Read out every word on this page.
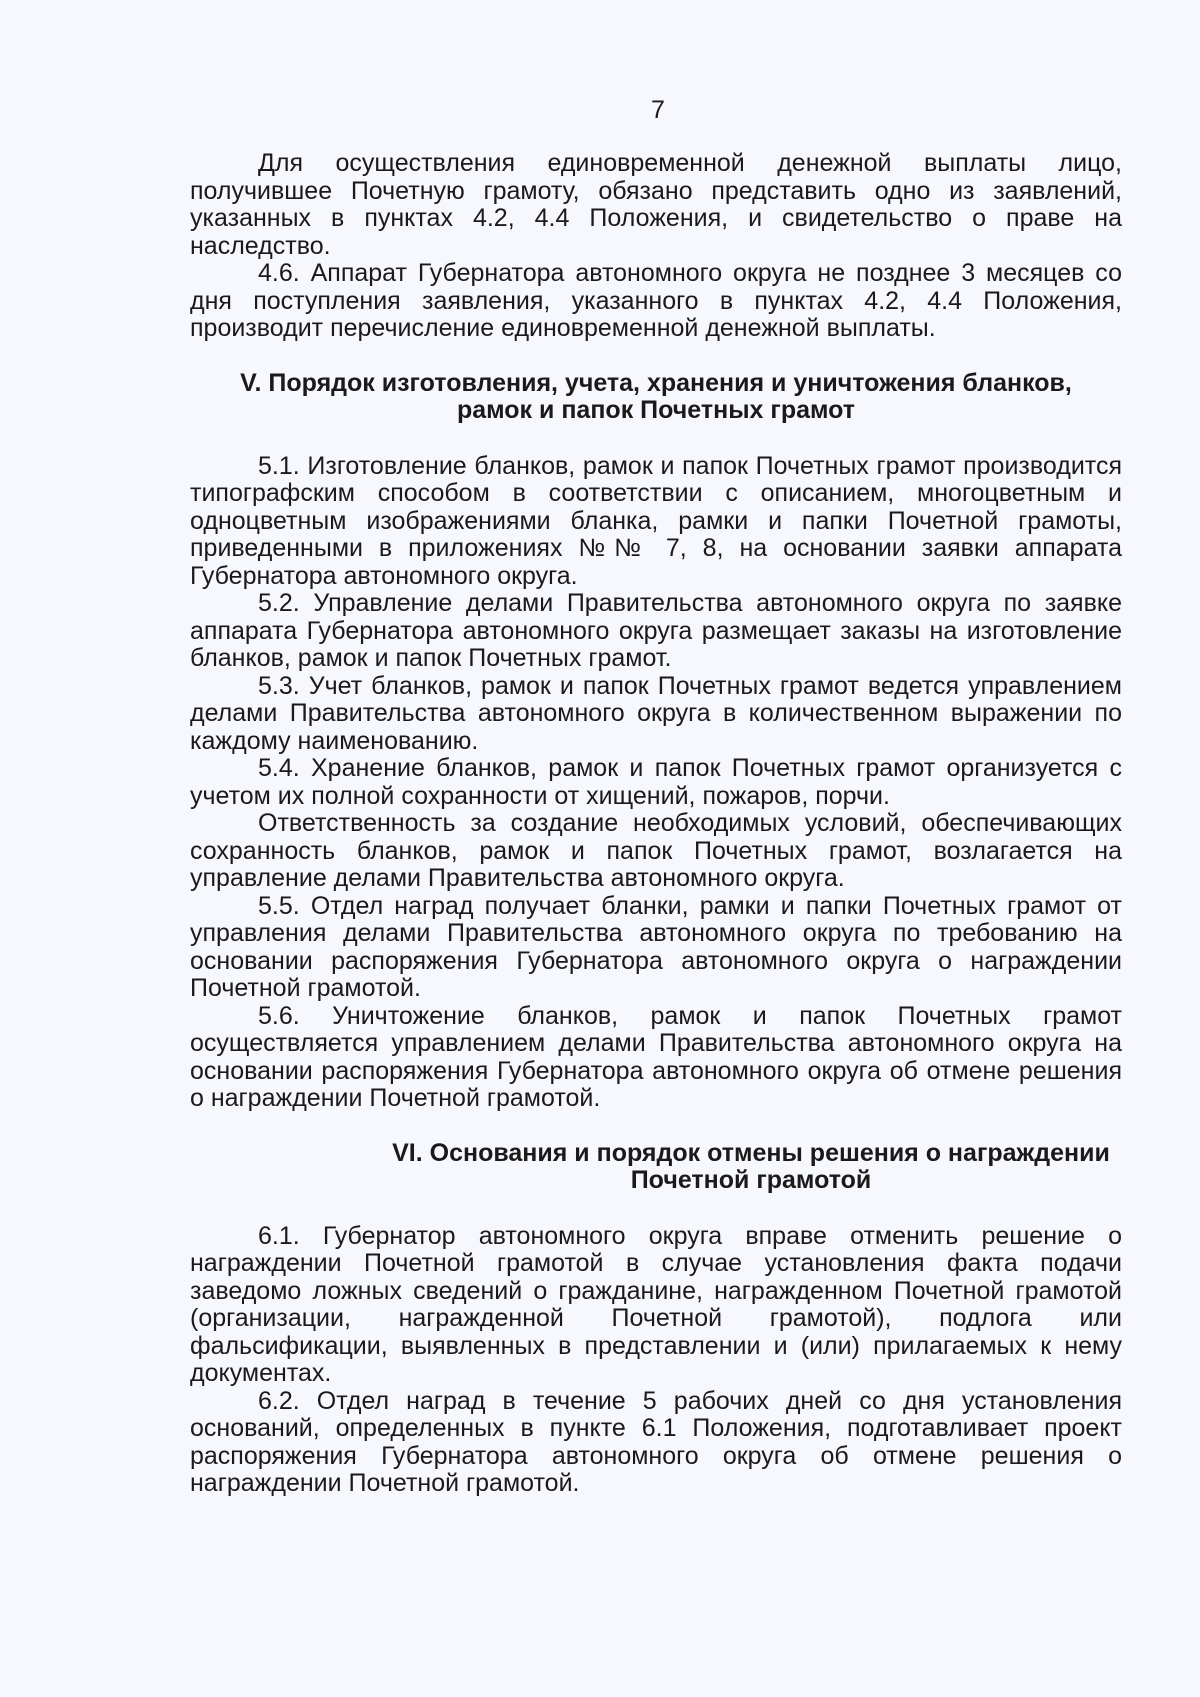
7

Для осуществления единовременной денежной выплаты лицо, получившее Почетную грамоту, обязано представить одно из заявлений, указанных в пунктах 4.2, 4.4 Положения, и свидетельство о праве на наследство.

4.6. Аппарат Губернатора автономного округа не позднее 3 месяцев со дня поступления заявления, указанного в пунктах 4.2, 4.4 Положения, производит перечисление единовременной денежной выплаты.

V. Порядок изготовления, учета, хранения и уничтожения бланков,
рамок и папок Почетных грамот

5.1. Изготовление бланков, рамок и папок Почетных грамот производится типографским способом в соответствии с описанием, многоцветным и одноцветным изображениями бланка, рамки и папки Почетной грамоты, приведенными в приложениях №№ 7, 8, на основании заявки аппарата Губернатора автономного округа.

5.2. Управление делами Правительства автономного округа по заявке аппарата Губернатора автономного округа размещает заказы на изготовление бланков, рамок и папок Почетных грамот.

5.3. Учет бланков, рамок и папок Почетных грамот ведется управлением делами Правительства автономного округа в количественном выражении по каждому наименованию.

5.4. Хранение бланков, рамок и папок Почетных грамот организуется с учетом их полной сохранности от хищений, пожаров, порчи.

Ответственность за создание необходимых условий, обеспечивающих сохранность бланков, рамок и папок Почетных грамот, возлагается на управление делами Правительства автономного округа.

5.5. Отдел наград получает бланки, рамки и папки Почетных грамот от управления делами Правительства автономного округа по требованию на основании распоряжения Губернатора автономного округа о награждении Почетной грамотой.

5.6. Уничтожение бланков, рамок и папок Почетных грамот осуществляется управлением делами Правительства автономного округа на основании распоряжения Губернатора автономного округа об отмене решения о награждении Почетной грамотой.

VI. Основания и порядок отмены решения о награждении
Почетной грамотой

6.1. Губернатор автономного округа вправе отменить решение о награждении Почетной грамотой в случае установления факта подачи заведомо ложных сведений о гражданине, награжденном Почетной грамотой (организации, награжденной Почетной грамотой), подлога или фальсификации, выявленных в представлении и (или) прилагаемых к нему документах.

6.2. Отдел наград в течение 5 рабочих дней со дня установления оснований, определенных в пункте 6.1 Положения, подготавливает проект распоряжения Губернатора автономного округа об отмене решения о награждении Почетной грамотой.
